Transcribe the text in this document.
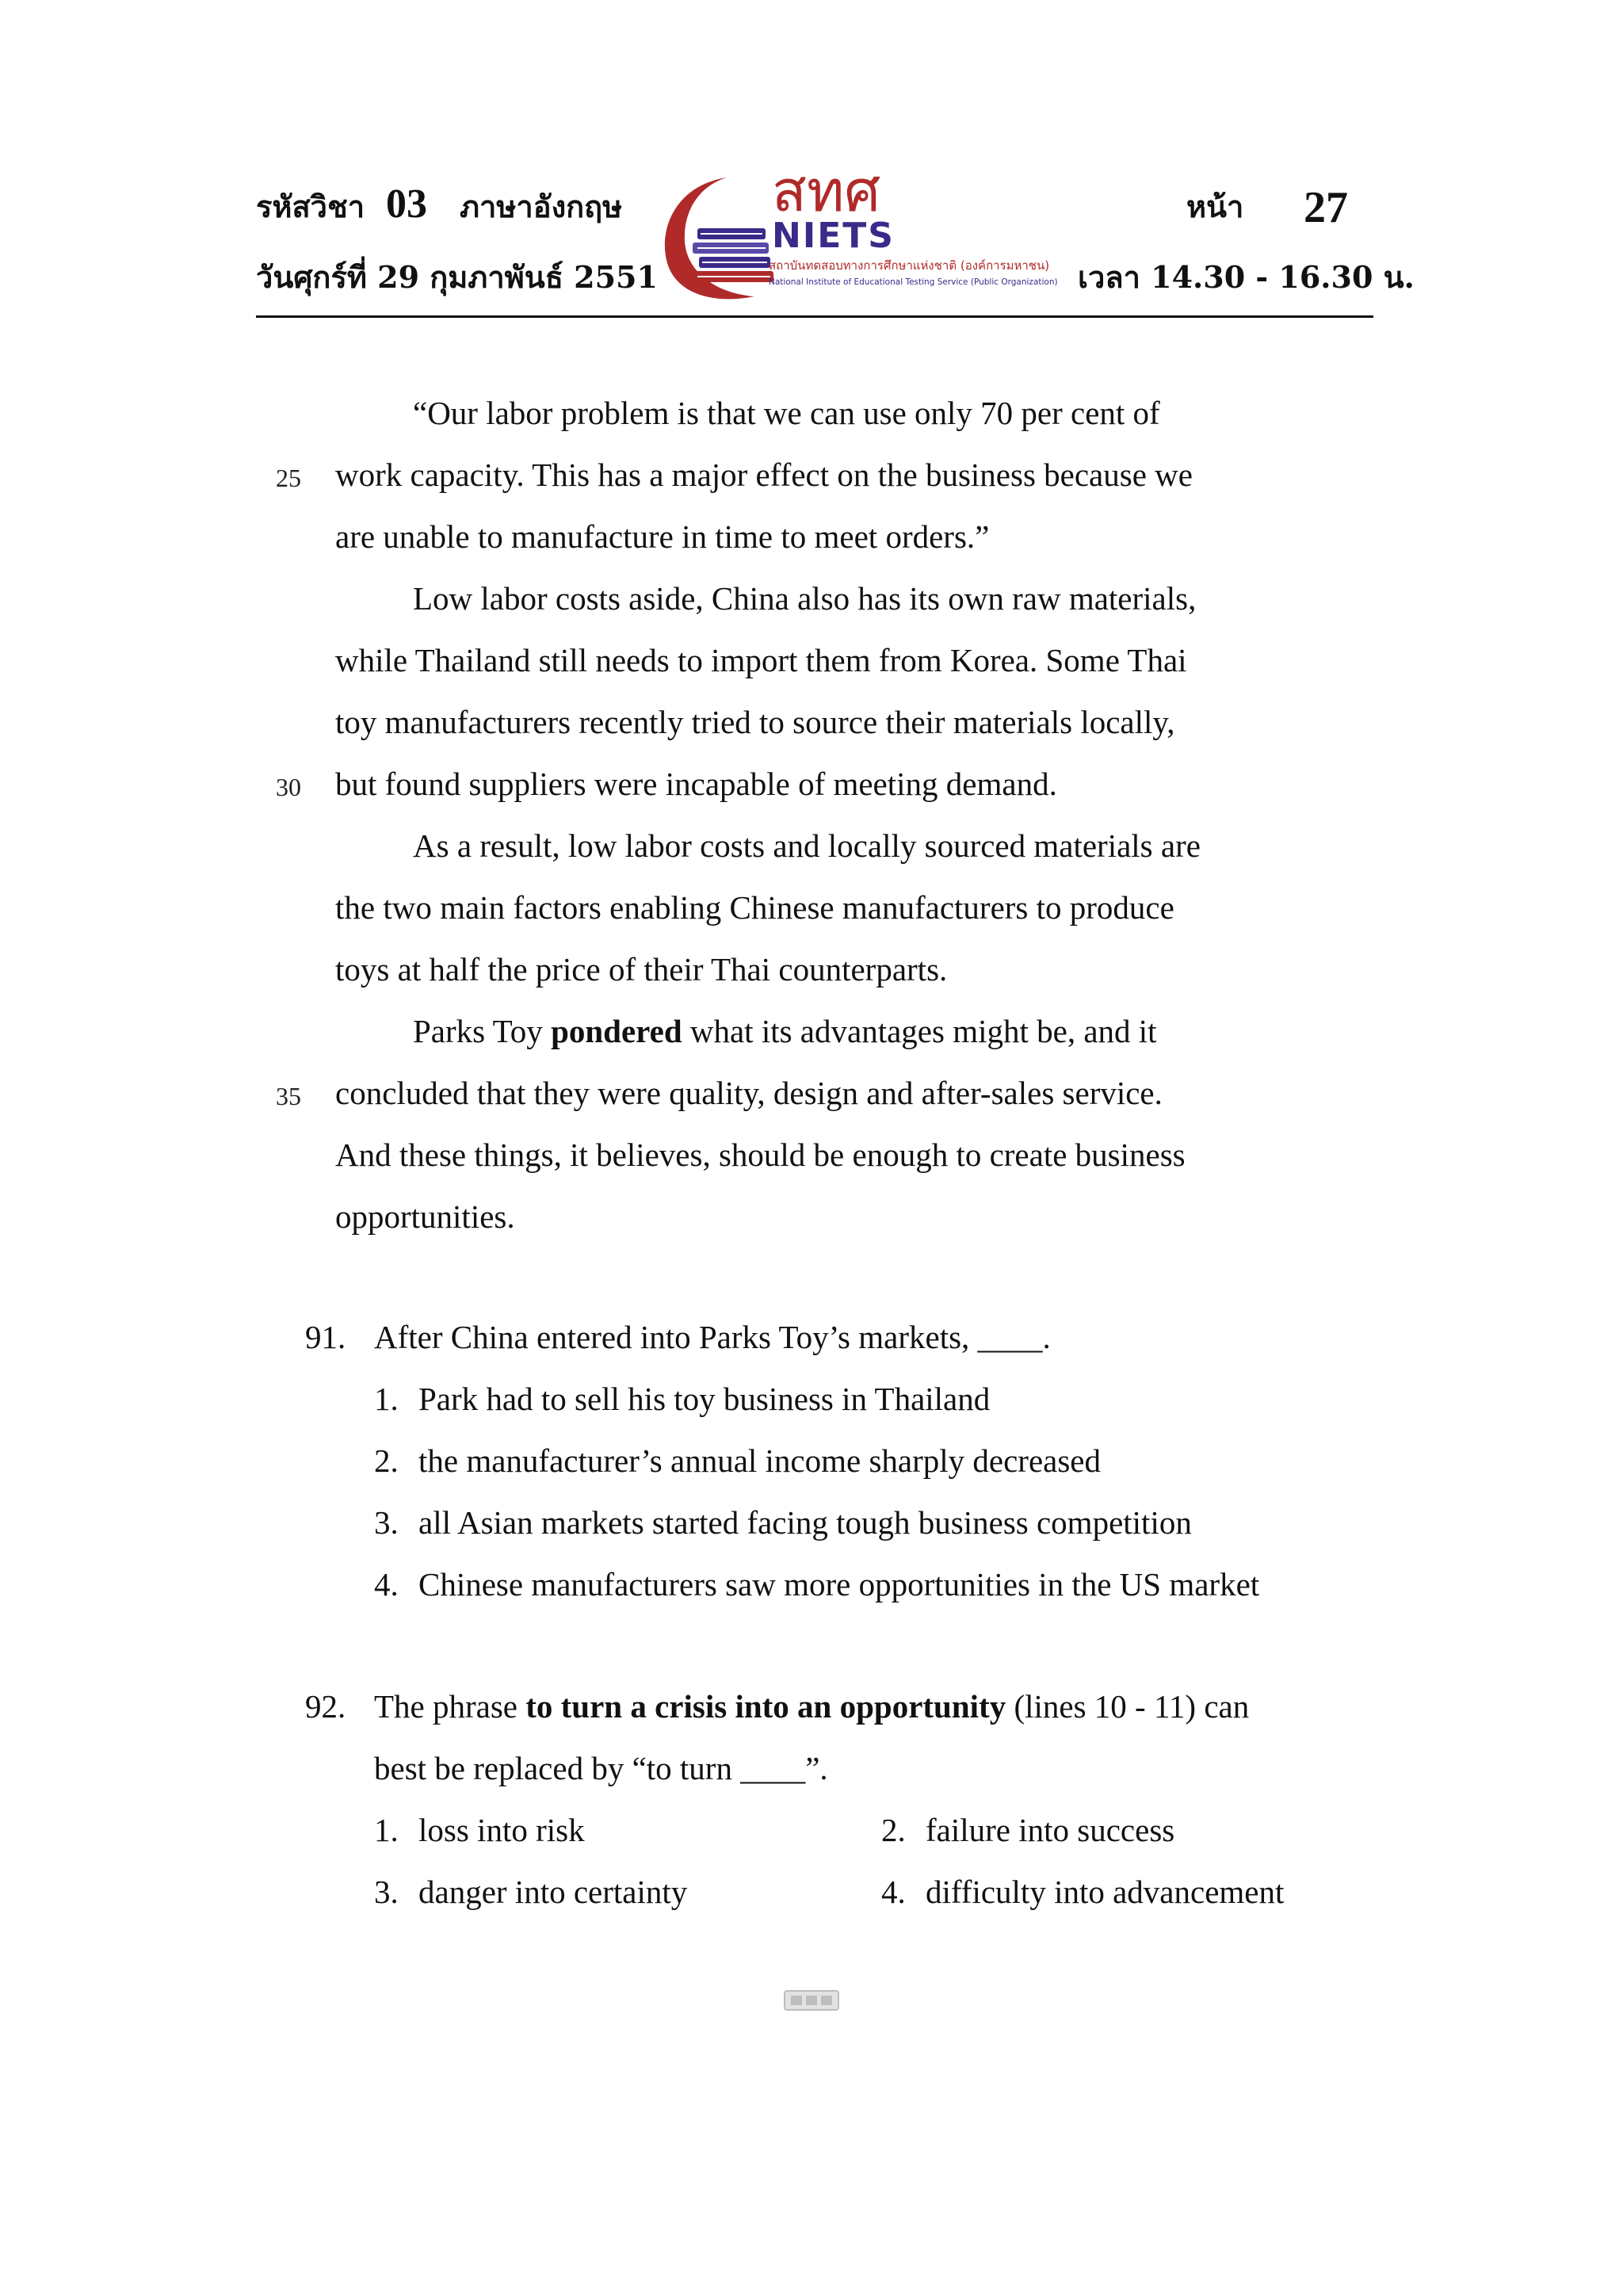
รหัสวิชา 03 ภาษาอังกฤษ	หน้า 27
วันศุกร์ที่ 29 กุมภาพันธ์ 2551	เวลา 14.30 - 16.30 น.
สทศ
NIETS
สถาบันทดสอบทางการศึกษาแห่งชาติ (องค์การมหาชน)
National Institute of Educational Testing Service (Public Organization)
“Our labor problem is that we can use only 70 per cent of
25 work capacity. This has a major effect on the business because we
are unable to manufacture in time to meet orders.”
Low labor costs aside, China also has its own raw materials,
while Thailand still needs to import them from Korea. Some Thai
toy manufacturers recently tried to source their materials locally,
30 but found suppliers were incapable of meeting demand.
As a result, low labor costs and locally sourced materials are
the two main factors enabling Chinese manufacturers to produce
toys at half the price of their Thai counterparts.
Parks Toy pondered what its advantages might be, and it
35 concluded that they were quality, design and after-sales service.
And these things, it believes, should be enough to create business
opportunities.
91. After China entered into Parks Toy’s markets, ____.
1. Park had to sell his toy business in Thailand
2. the manufacturer’s annual income sharply decreased
3. all Asian markets started facing tough business competition
4. Chinese manufacturers saw more opportunities in the US market
92. The phrase to turn a crisis into an opportunity (lines 10 - 11) can
best be replaced by “to turn ____”.
1. loss into risk	2. failure into success
3. danger into certainty	4. difficulty into advancement
